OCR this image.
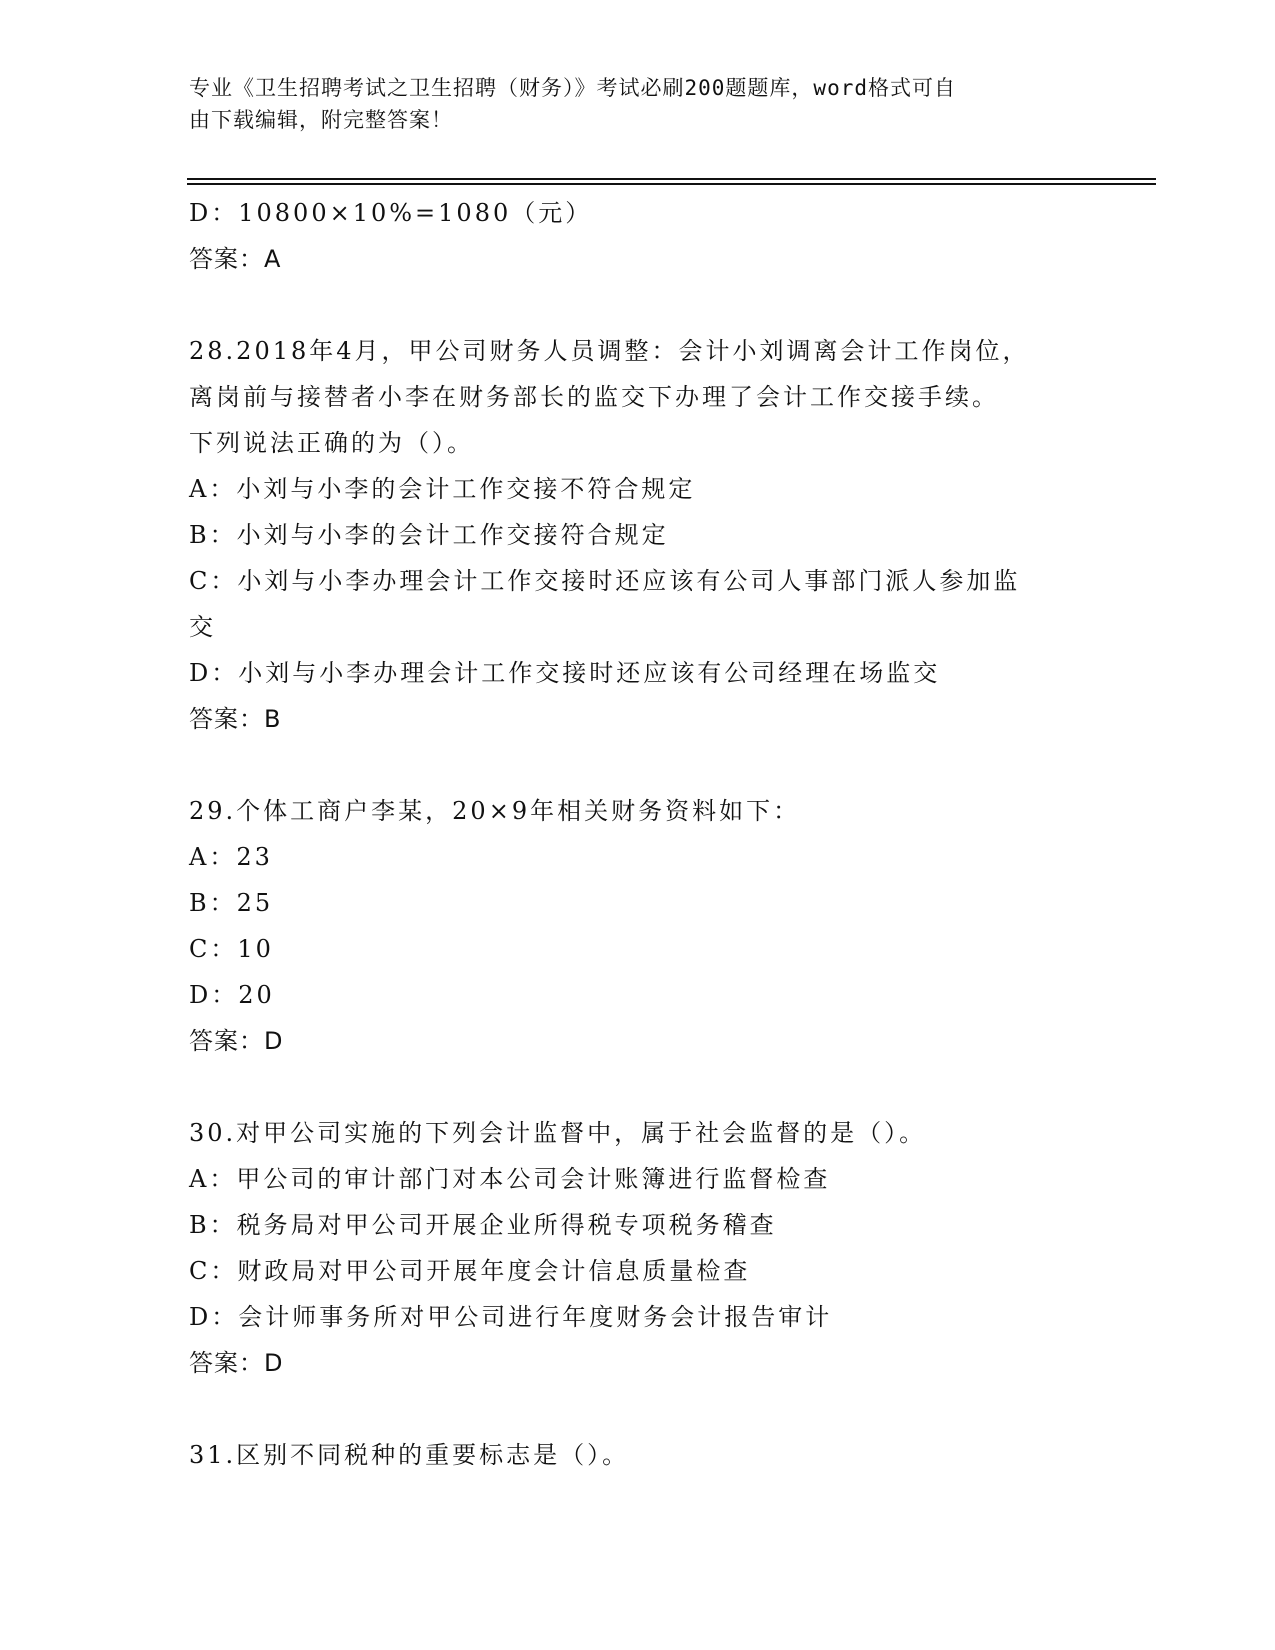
专业《卫生招聘考试之卫生招聘（财务）》考试必刷200题题库，word格式可自
由下载编辑，附完整答案！
D：10800×10%=1080（元）
答案：A
28.2018年4月，甲公司财务人员调整：会计小刘调离会计工作岗位，
离岗前与接替者小李在财务部长的监交下办理了会计工作交接手续。
下列说法正确的为（）。
A：小刘与小李的会计工作交接不符合规定
B：小刘与小李的会计工作交接符合规定
C：小刘与小李办理会计工作交接时还应该有公司人事部门派人参加监
交
D：小刘与小李办理会计工作交接时还应该有公司经理在场监交
答案：B
29.个体工商户李某，20×9年相关财务资料如下：
A：23
B：25
C：10
D：20
答案：D
30.对甲公司实施的下列会计监督中，属于社会监督的是（）。
A：甲公司的审计部门对本公司会计账簿进行监督检查
B：税务局对甲公司开展企业所得税专项税务稽查
C：财政局对甲公司开展年度会计信息质量检查
D：会计师事务所对甲公司进行年度财务会计报告审计
答案：D
31.区别不同税种的重要标志是（）。
